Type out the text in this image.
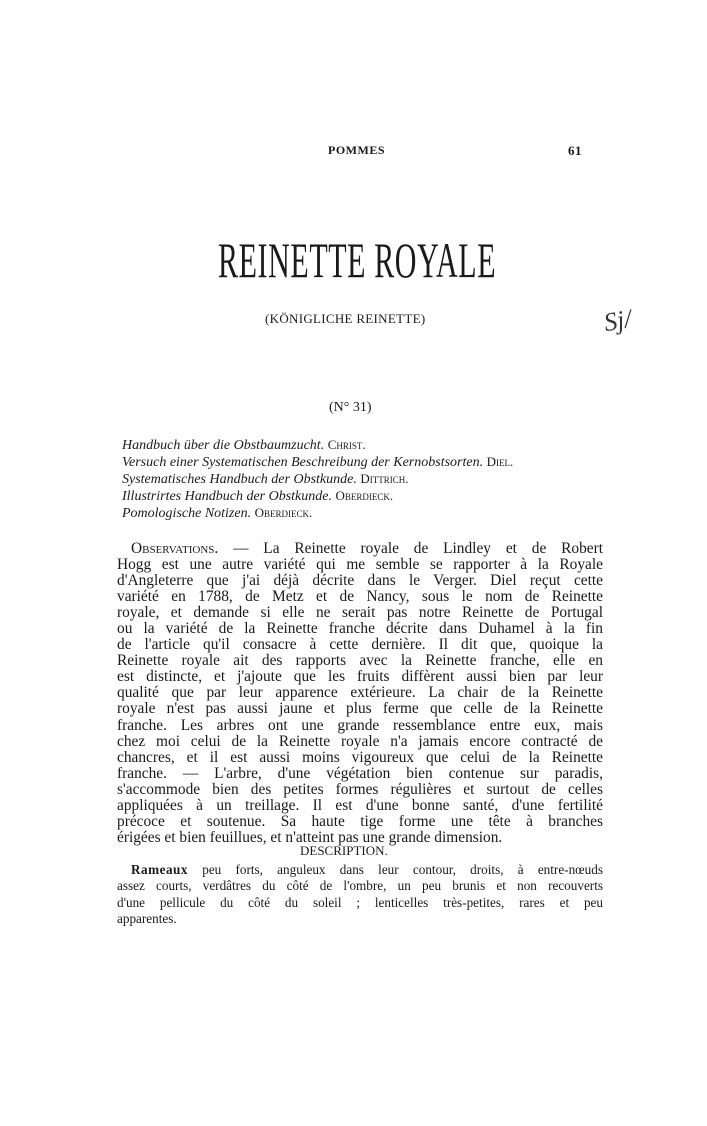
POMMES	61
REINETTE ROYALE
(KÖNIGLICHE REINETTE)	Sj/
(N° 31)
Handbuch über die Obstbaumzucht. Christ.
Versuch einer Systematischen Beschreibung der Kernobstsorten. Diel.
Systematisches Handbuch der Obstkunde. Dittrich.
Illustrirtes Handbuch der Obstkunde. Oberdieck.
Pomologische Notizen. Oberdieck.
Observations. — La Reinette royale de Lindley et de Robert
Hogg est une autre variété qui me semble se rapporter à la Royale
d'Angleterre que j'ai déjà décrite dans le Verger. Diel reçut cette
variété en 1788, de Metz et de Nancy, sous le nom de Reinette
royale, et demande si elle ne serait pas notre Reinette de Portugal
ou la variété de la Reinette franche décrite dans Duhamel à la fin
de l'article qu'il consacre à cette dernière. Il dit que, quoique la
Reinette royale ait des rapports avec la Reinette franche, elle en
est distincte, et j'ajoute que les fruits diffèrent aussi bien par leur
qualité que par leur apparence extérieure. La chair de la Reinette
royale n'est pas aussi jaune et plus ferme que celle de la Reinette
franche. Les arbres ont une grande ressemblance entre eux, mais
chez moi celui de la Reinette royale n'a jamais encore contracté de
chancres, et il est aussi moins vigoureux que celui de la Reinette
franche. — L'arbre, d'une végétation bien contenue sur paradis,
s'accommode bien des petites formes régulières et surtout de celles
appliquées à un treillage. Il est d'une bonne santé, d'une fertilité
précoce et soutenue. Sa haute tige forme une tête à branches
érigées et bien feuillues, et n'atteint pas une grande dimension.
DESCRIPTION.
Rameaux peu forts, anguleux dans leur contour, droits, à entre-nœuds
assez courts, verdâtres du côté de l'ombre, un peu brunis et non recouverts
d'une pellicule du côté du soleil ; lenticelles très-petites, rares et peu
apparentes.
